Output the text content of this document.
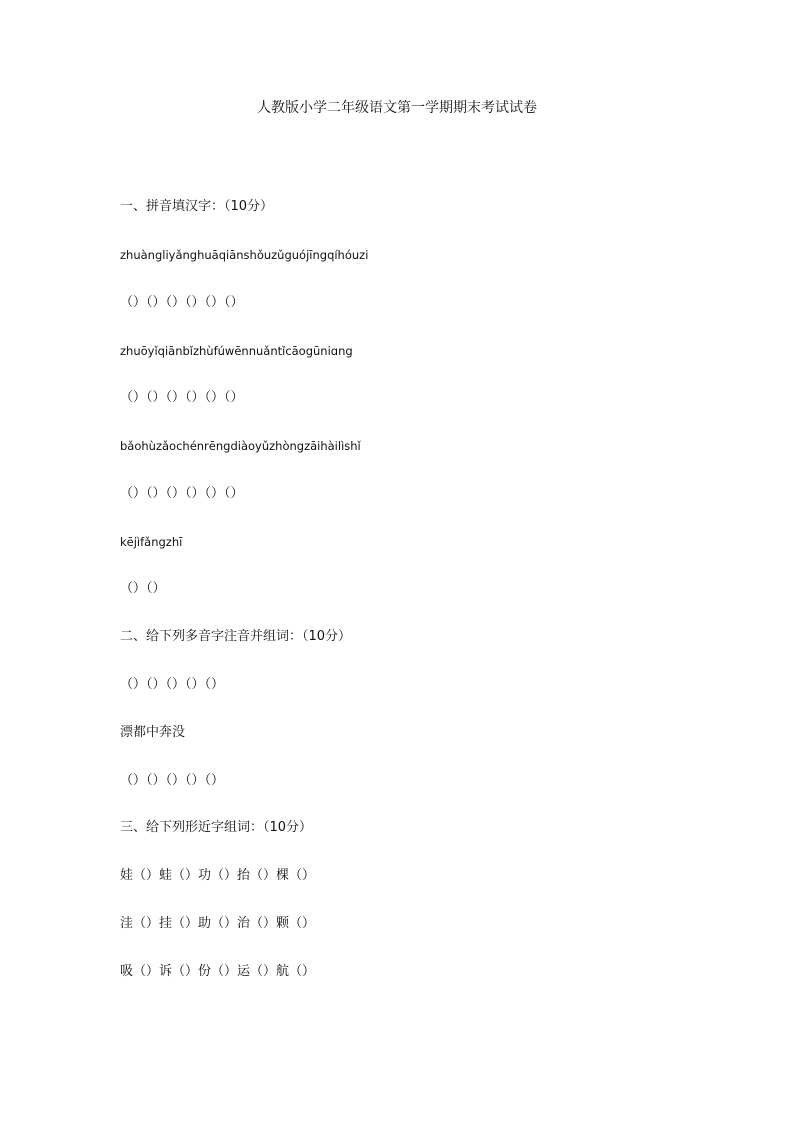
人教版小学二年级语文第一学期期末考试试卷
一、拼音填汉字：（10分）
zhuàngliyǎnghuāqiānshǒuzǔguójīngqíhóuzi
（）（）（）（）（）（）
zhuōyǐqiānbǐzhùfúwēnnuǎntǐcāogūniɑng
（）（）（）（）（）（）
bǎohùzǎochénrēngdiàoyǔzhòngzāihàilìshǐ
（）（）（）（）（）（）
kējìfǎngzhī
（）（）
二、给下列多音字注音并组词：（10分）
（）（）（）（）（）
漂都中奔没
（）（）（）（）（）
三、给下列形近字组词：（10分）
娃（）蛙（）功（）抬（）棵（）
洼（）挂（）助（）治（）颗（）
吸（）诉（）份（）运（）航（）
